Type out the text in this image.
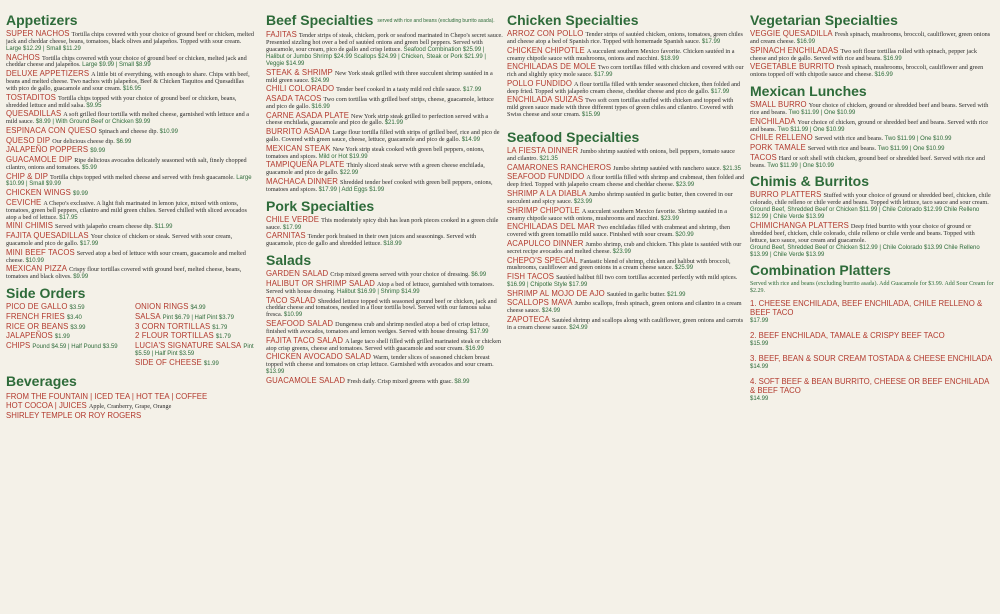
Appetizers
SUPER NACHOS Tortilla chips covered with your choice of ground beef or chicken, melted jack and cheddar cheese, beans, tomatoes, black olives and jalapeños. Topped with sour cream. Large $12.29 | Small $11.29
NACHOS Tortilla chips covered with your choice of ground beef or chicken, melted jack and cheddar cheese and jalapeños. Large $9.99 | Small $8.99
DELUXE APPETIZERS A little bit of everything, with enough to share. Chips with beef, beans and melted cheese. Two nachos with jalapeños, Beef & Chicken Taquitos and Quesadillas with pico de gallo, guacamole and sour cream. $16.95
TOSTADITOS Tortilla chips topped with your choice of ground beef or chicken, beans, shredded lettuce and mild salsa. $9.95
QUESADILLAS A soft grilled flour tortilla with melted cheese, garnished with lettuce and a mild sauce. $8.99 | With Ground Beef or Chicken $9.99
ESPINACA CON QUESO Spinach and cheese dip. $10.99
QUESO DIP Our delicious cheese dip. $6.99
JALAPEÑO POPPERS $9.99
GUACAMOLE DIP Ripe delicious avocados delicately seasoned with salt, finely chopped cilantro, onions and tomatoes. $5.99
CHIP & DIP Tortilla chips topped with melted cheese and served with fresh guacamole. Large $10.99 | Small $9.99
CHICKEN WINGS $9.99
CEVICHE A Chepo's exclusive. A light fish marinated in lemon juice, mixed with onions, tomatoes, green bell peppers, cilantro and mild green chilies. Served chilled with sliced avocados atop a bed of lettuce. $17.95
MINI CHIMIS Served with jalapeño cream cheese dip. $11.99
FAJITA QUESADILLAS Your choice of chicken or steak. Served with sour cream, guacamole and pico de gallo. $17.99
MINI BEEF TACOS Served atop a bed of lettuce with sour cream, guacamole and melted cheese. $10.99
MEXICAN PIZZA Crispy flour tortillas covered with ground beef, melted cheese, beans, tomatoes and black olives. $9.99
Side Orders
PICO DE GALLO $3.59
FRENCH FRIES $3.40
RICE OR BEANS $3.99
JALAPEÑOS $1.99
CHIPS Pound $4.59 | Half Pound $3.59
ONION RINGS $4.99
SALSA Pint $6.79 | Half Pint $3.79
3 CORN TORTILLAS $1.79
2 FLOUR TORTILLAS $1.79
LUCIA'S SIGNATURE SALSA Pint $5.59 | Half Pint $3.59
SIDE OF CHEESE $1.99
Beverages
FROM THE FOUNTAIN | ICED TEA | HOT TEA | COFFEE
HOT COCOA | JUICES Apple, Cranberry, Grape, Orange
SHIRLEY TEMPLE OR ROY ROGERS
Beef Specialties served with rice and beans (excluding burrito asada).
FAJITAS Tender strips of steak, chicken, pork or seafood marinated in Chepo's secret sauce. Presented sizzling hot over a bed of sautéed onions and green bell peppers. Served with guacamole, sour cream, pico de gallo and crisp lettuce. Seafood Combination $25.99 | Halibut or Jumbo Shrimp $24.99 Scallops $24.99 | Chicken, Steak or Pork $21.99 | Veggie $14.99
STEAK & SHRIMP New York steak grilled with three succulent shrimp sautéed in a mild green sauce. $24.99
CHILI COLORADO Tender beef cooked in a tasty mild red chile sauce. $17.99
ASADA TACOS Two corn tortillas with grilled beef strips, cheese, guacamole, lettuce and pico de gallo. $16.99
CARNE ASADA PLATE New York strip steak grilled to perfection served with a cheese enchilada, guacamole and pico de gallo. $21.99
BURRITO ASADA Large flour tortilla filled with strips of grilled beef, rice and pico de gallo. Covered with green sauce, cheese, lettuce, guacamole and pico de gallo. $14.99
MEXICAN STEAK New York strip steak cooked with green bell peppers, onions, tomatoes and spices. Mild or Hot $19.99
TAMPIQUEÑA PLATE Thinly sliced steak serve with a green cheese enchilada, guacamole and pico de gallo. $22.99
MACHACA DINNER Shredded tender beef cooked with green bell peppers, onions, tomatoes and spices. $17.99 | Add Eggs $1.99
Pork Specialties
CHILE VERDE This moderately spicy dish has lean pork pieces cooked in a green chile sauce. $17.99
CARNITAS Tender pork braised in their own juices and seasonings. Served with guacamole, pico de gallo and shredded lettuce. $18.99
Salads
GARDEN SALAD Crisp mixed greens served with your choice of dressing. $6.99
HALIBUT OR SHRIMP SALAD Atop a bed of lettuce, garnished with tomatoes. Served with house dressing. Halibut $16.99 | Shrimp $14.99
TACO SALAD Shredded lettuce topped with seasoned ground beef or chicken, jack and cheddar cheese and tomatoes, nestled in a flour tortilla bowl. Served with our famous salsa fresca. $10.99
SEAFOOD SALAD Dungeness crab and shrimp nestled atop a bed of crisp lettuce, finished with avocados, tomatoes and lemon wedges. Served with house dressing. $17.99
FAJITA TACO SALAD A large taco shell filled with grilled marinated steak or chicken atop crisp greens, cheese and tomatoes. Served with guacamole and sour cream. $16.99
CHICKEN AVOCADO SALAD Warm, tender slices of seasoned chicken breast topped with cheese and tomatoes on crisp lettuce. Garnished with avocados and sour cream. $13.99
GUACAMOLE SALAD Fresh daily. Crisp mixed greens with guac. $8.99
Chicken Specialties
ARROZ CON POLLO Tender strips of sautéed chicken, onions, tomatoes, green chiles and cheese atop a bed of Spanish rice. Topped with homemade Spanish sauce. $17.99
CHICKEN CHIPOTLE A succulent southern Mexico favorite. Chicken sautéed in a creamy chipotle sauce with mushrooms, onions and zucchini. $18.99
ENCHILADAS DE MOLE Two corn tortillas filled with chicken and covered with our rich and slightly spicy mole sauce. $17.99
POLLO FUNDIDO A flour tortilla filled with tender seasoned chicken, then folded and deep fried. Topped with jalapeño cream cheese, cheddar cheese and pico de gallo. $17.99
ENCHILADA SUIZAS Two soft corn tortillas stuffed with chicken and topped with mild green sauce made with three different types of green chiles and cilantro. Covered with Swiss cheese and sour cream. $15.99
Seafood Specialties
LA FIESTA DINNER Jumbo shrimp sautéed with onions, bell peppers, tomato sauce and cilantro. $21.35
CAMARONES RANCHEROS Jumbo shrimp sautéed with ranchero sauce. $21.35
SEAFOOD FUNDIDO A flour tortilla filled with shrimp and crabmeat, then folded and deep fried. Topped with jalapeño cream cheese and cheddar cheese. $23.99
SHRIMP A LA DIABLA Jumbo shrimp sautéed in garlic butter, then covered in our succulent and spicy sauce. $23.99
SHRIMP CHIPOTLE A succulent southern Mexico favorite. Shrimp sautéed in a creamy chipotle sauce with onions, mushrooms and zucchini. $23.99
ENCHILADAS DEL MAR Two enchiladas filled with crabmeat and shrimp, then covered with green tomatillo mild sauce. Finished with sour cream. $20.99
ACAPULCO DINNER Jumbo shrimp, crab and chicken. This plate is sautéed with our secret recipe avocados and melted cheese. $23.99
CHEPO'S SPECIAL Fantastic blend of shrimp, chicken and halibut with broccoli, mushrooms, cauliflower and green onions in a cream cheese sauce. $25.99
FISH TACOS Sautéed halibut fill two corn tortillas accented perfectly with mild spices. $16.99 | Chipotle Style $17.99
SHRIMP AL MOJO DE AJO Sautéed in garlic butter. $21.99
SCALLOPS MAVA Jumbo scallops, fresh spinach, green onions and cilantro in a cream cheese sauce. $24.99
ZAPOTECA Sautéed shrimp and scallops along with cauliflower, green onions and carrots in a cream cheese sauce. $24.99
Vegetarian Specialties
VEGGIE QUESADILLA Fresh spinach, mushrooms, broccoli, cauliflower, green onions and cream cheese. $16.99
SPINACH ENCHILADAS Two soft flour tortillas rolled with spinach, pepper jack cheese and pico de gallo. Served with rice and beans. $16.99
VEGETABLE BURRITO Fresh spinach, mushrooms, broccoli, cauliflower and green onions topped off with chipotle sauce and cheese. $16.99
Mexican Lunches
SMALL BURRO Your choice of chicken, ground or shredded beef and beans. Served with rice and beans. Two $11.99 | One $10.99
ENCHILADA Your choice of chicken, ground or shredded beef and beans. Served with rice and beans. Two $11.99 | One $10.99
CHILE RELLENO Served with rice and beans. Two $11.99 | One $10.99
PORK TAMALE Served with rice and beans. Two $11.99 | One $10.99
TACOS Hard or soft shell with chicken, ground beef or shredded beef. Served with rice and beans. Two $11.99 | One $10.99
Chimis & Burritos
BURRO PLATTERS Stuffed with your choice of ground or shredded beef, chicken, chile colorado, chile relleno or chile verde and beans. Topped with lettuce, taco sauce and sour cream.
Ground Beef, Shredded Beef or Chicken $11.99 | Chile Colorado $12.99 Chile Relleno $12.99 | Chile Verde $13.99
CHIMICHANGA PLATTERS Deep fried burrito with your choice of ground or shredded beef, chicken, chile colorado, chile relleno or chile verde and beans. Topped with lettuce, taco sauce, sour cream and guacamole.
Ground Beef, Shredded Beef or Chicken $12.99 | Chile Colorado $13.99 Chile Relleno $13.99 | Chile Verde $13.99
Combination Platters
Served with rice and beans (excluding burrito asada). Add Guacamole for $3.99. Add Sour Cream for $2.29.
1. CHEESE ENCHILADA, BEEF ENCHILADA, CHILE RELLENO & BEEF TACO
$17.99
2. BEEF ENCHILADA, TAMALE & CRISPY BEEF TACO
$15.99
3. BEEF, BEAN & SOUR CREAM TOSTADA & CHEESE ENCHILADA
$14.99
4. SOFT BEEF & BEAN BURRITO, CHEESE OR BEEF ENCHILADA & BEEF TACO
$14.99
